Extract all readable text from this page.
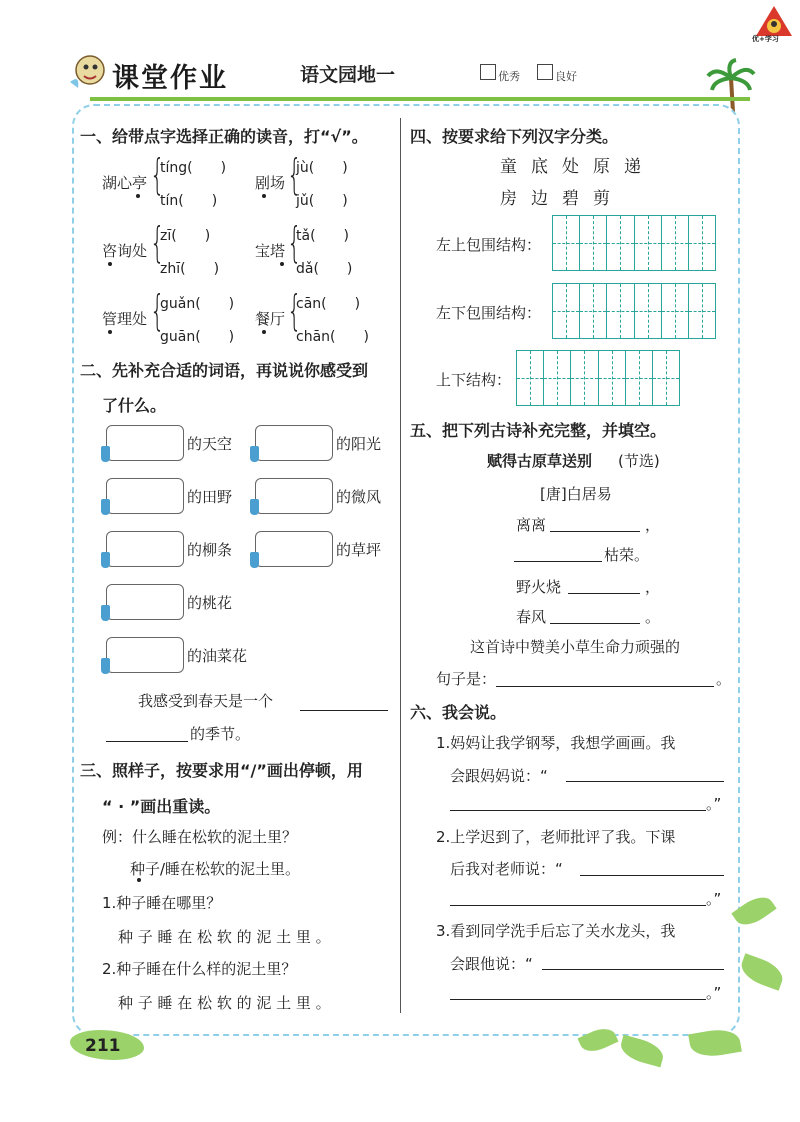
课堂作业	语文园地一	优秀	良好
优+学习
一、给带点字选择正确的读音，打“√”。
湖心亭 {
tíng(　　)
tín(　　)
剧场 {
jù(　　)
jǔ(　　)
咨询处 {
zī(　　)
zhī(　　)
宝塔 {
tǎ(　　)
dǎ(　　)
管理处 {
guǎn(　　)
guān(　　)
餐厅 {
cān(　　)
chān(　　)
二、先补充合适的词语，再说说你感受到
了什么。
的天空	的阳光
的田野	的微风
的柳条	的草坪
的桃花
的油菜花
我感受到春天是一个
的季节。
三、照样子，按要求用“/”画出停顿，用
“ · ”画出重读。
例：什么睡在松软的泥土里？
种子/睡在松软的泥土里。
1.种子睡在哪里？
种 子 睡 在 松 软 的 泥 土 里 。
2.种子睡在什么样的泥土里？
种 子 睡 在 松 软 的 泥 土 里 。
四、按要求给下列汉字分类。
童底处原递
房边碧剪
左上包围结构：
左下包围结构：
上下结构：
五、把下列古诗补充完整，并填空。
赋得古原草送别 (节选)
[唐]白居易
离离	，
枯荣。
野火烧	，
春风	。
这首诗中赞美小草生命力顽强的
句子是：	。
六、我会说。
1.妈妈让我学钢琴，我想学画画。我
会跟妈妈说：“
。”
2.上学迟到了，老师批评了我。下课
后我对老师说：“
。”
3.看到同学洗手后忘了关水龙头，我
会跟他说：“
。”
211
